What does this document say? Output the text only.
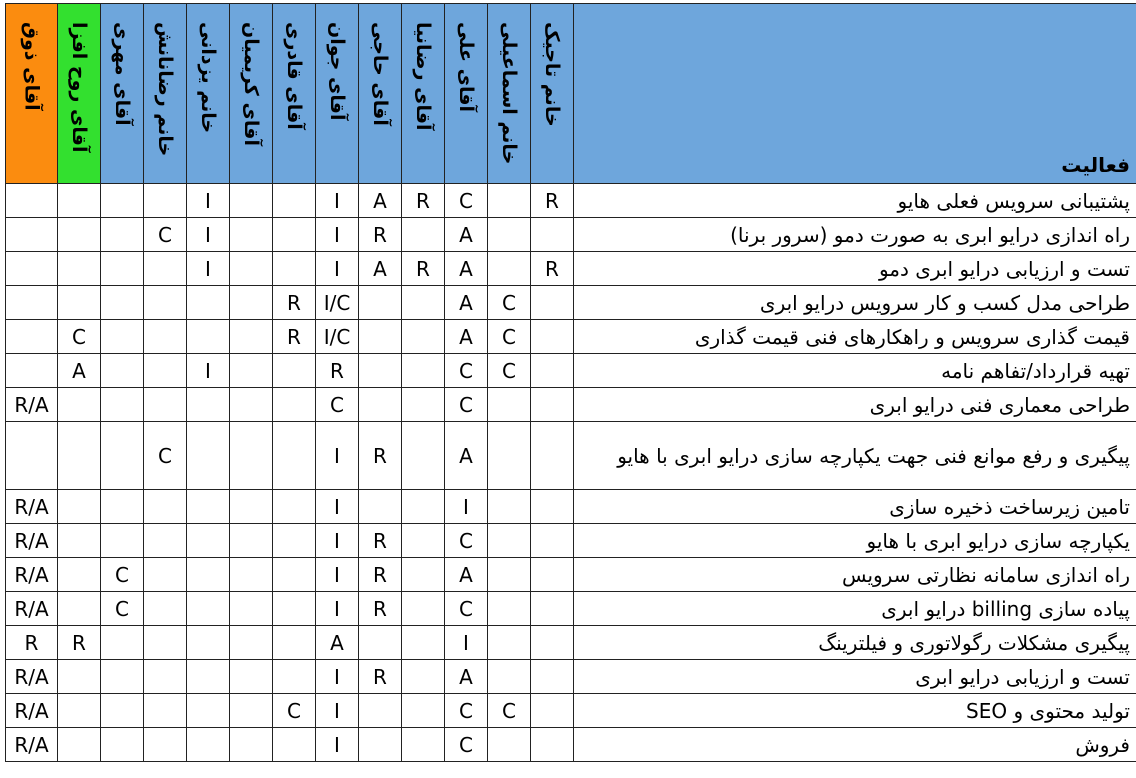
آقای ذوق	آقای روح افزا	آقای مهری	خانم رضانانش	خانم یزدانی	آقای کریمیان	آقای قادری	آقای جوان	آقای حاجی	آقای رضانیا	آقای علی	خانم اسماعیلی	خانم تاجیک	فعالیت
				I			I	A	R	C		R	پشتیبانی سرویس فعلی هایو
			C	I			I	R		A			راه اندازی درایو ابری به صورت دمو (سرور برنا)
				I			I	A	R	A		R	تست و ارزیابی درایو ابری دمو
						R	I/C			A	C		طراحی مدل کسب و کار سرویس درایو ابری
	C					R	I/C			A	C		قیمت گذاری سرویس و راهکارهای فنی قیمت گذاری
	A			I			R			C	C		تهیه قرارداد/تفاهم نامه
R/A							C			C			طراحی معماری فنی درایو ابری
			C				I	R		A			پیگیری و رفع موانع فنی جهت یکپارچه سازی درایو ابری با هایو
R/A							I			I			تامین زیرساخت ذخیره سازی
R/A							I	R		C			یکپارچه سازی درایو ابری با هایو
R/A		C					I	R		A			راه اندازی سامانه نظارتی سرویس
R/A		C					I	R		C			پیاده سازی billing درایو ابری
R	R						A			I			پیگیری مشکلات رگولاتوری و فیلترینگ
R/A							I	R		A			تست و ارزیابی درایو ابری
R/A						C	I			C	C		تولید محتوی و SEO
R/A							I			C			فروش
